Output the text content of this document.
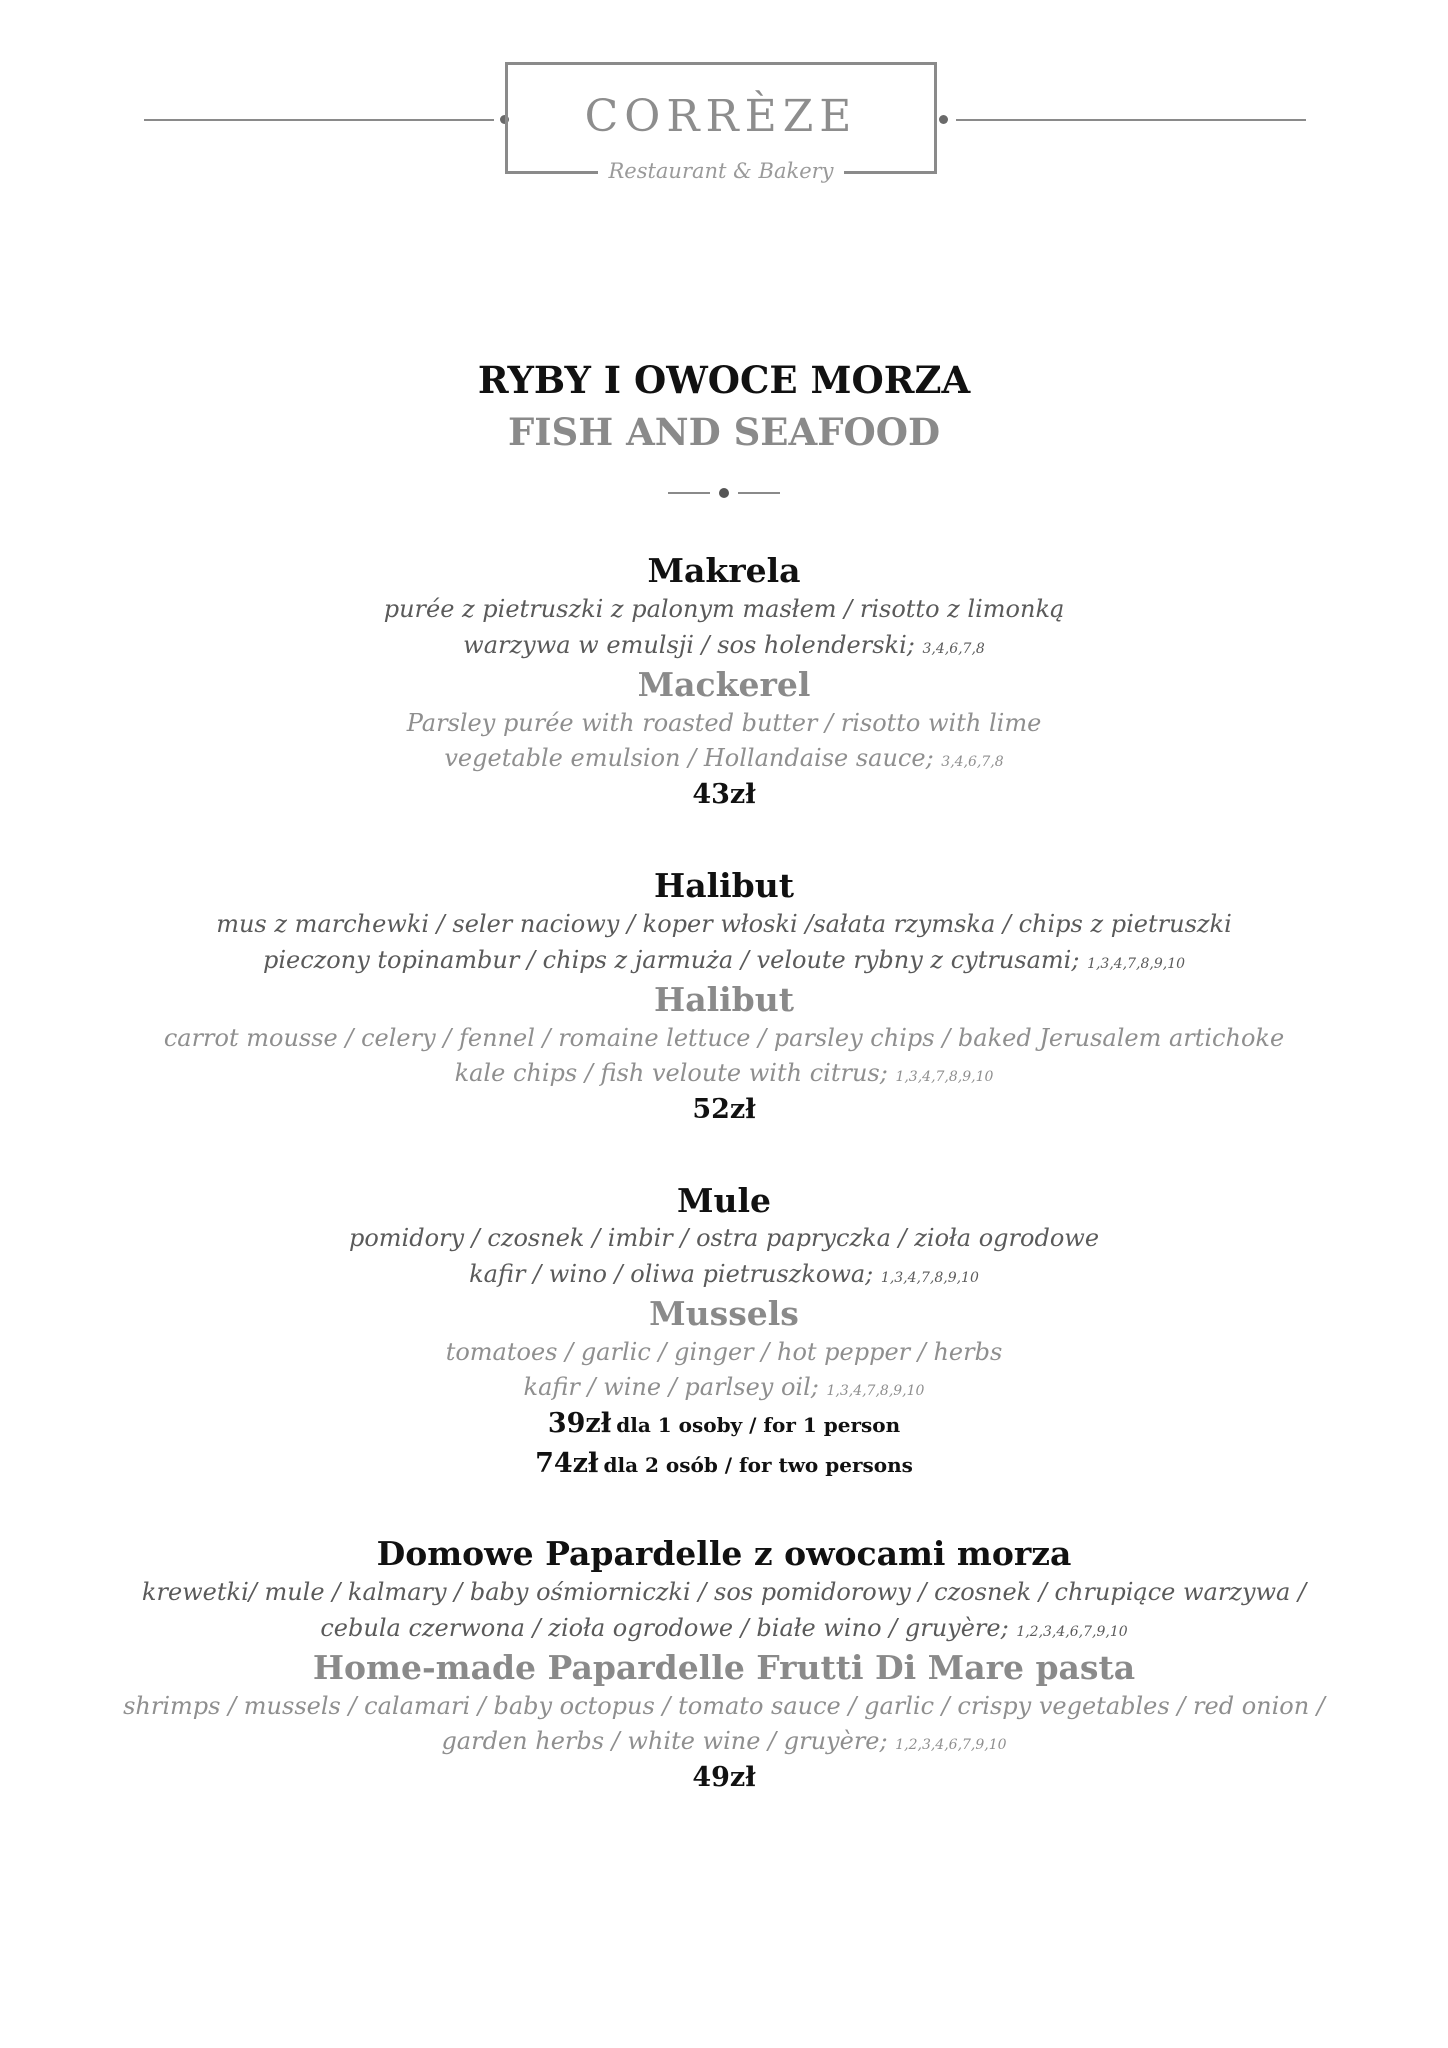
CORRÈZE
Restaurant & Bakery
RYBY I OWOCE MORZA
FISH AND SEAFOOD
Makrela
purée z pietruszki z palonym masłem / risotto z limonką
warzywa w emulsji / sos holenderski; 3,4,6,7,8
Mackerel
Parsley purée with roasted butter / risotto with lime
vegetable emulsion / Hollandaise sauce; 3,4,6,7,8
43zł
Halibut
mus z marchewki / seler naciowy / koper włoski /sałata rzymska / chips z pietruszki
pieczony topinambur / chips z jarmuża / veloute rybny z cytrusami; 1,3,4,7,8,9,10
Halibut
carrot mousse / celery / fennel / romaine lettuce / parsley chips / baked Jerusalem artichoke
kale chips / fish veloute with citrus; 1,3,4,7,8,9,10
52zł
Mule
pomidory / czosnek / imbir / ostra papryczka / zioła ogrodowe
kafir / wino / oliwa pietruszkowa; 1,3,4,7,8,9,10
Mussels
tomatoes / garlic / ginger / hot pepper / herbs
kafir / wine / parlsey oil; 1,3,4,7,8,9,10
39zł dla 1 osoby / for 1 person
74zł dla 2 osób / for two persons
Domowe Papardelle z owocami morza
krewetki/ mule / kalmary / baby ośmiorniczki / sos pomidorowy / czosnek / chrupiące warzywa /
cebula czerwona / zioła ogrodowe / białe wino / gruyère; 1,2,3,4,6,7,9,10
Home-made Papardelle Frutti Di Mare pasta
shrimps / mussels / calamari / baby octopus / tomato sauce / garlic / crispy vegetables / red onion /
garden herbs / white wine / gruyère; 1,2,3,4,6,7,9,10
49zł
